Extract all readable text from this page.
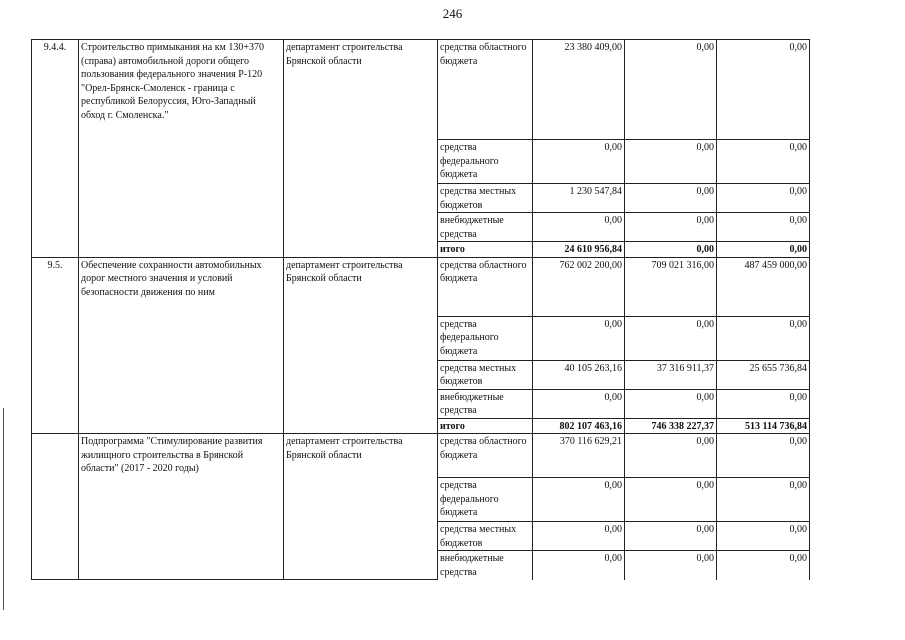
246
9.4.4.	Строительство примыкания на км 130+370 (справа) автомобильной дороги общего пользования федерального значения Р-120 "Орел-Брянск-Смоленск - граница с республикой Белоруссия, Юго-Западный обход г. Смоленска."	департамент строительства Брянской области	средства областного бюджета	23 380 409,00	0,00	0,00
			средства федерального бюджета	0,00	0,00	0,00
			средства местных бюджетов	1 230 547,84	0,00	0,00
			внебюджетные средства	0,00	0,00	0,00
			итого	24 610 956,84	0,00	0,00
9.5.	Обеспечение сохранности автомобильных дорог местного значения и условий безопасности движения по ним	департамент строительства Брянской области	средства областного бюджета	762 002 200,00	709 021 316,00	487 459 000,00
			средства федерального бюджета	0,00	0,00	0,00
			средства местных бюджетов	40 105 263,16	37 316 911,37	25 655 736,84
			внебюджетные средства	0,00	0,00	0,00
			итого	802 107 463,16	746 338 227,37	513 114 736,84
	Подпрограмма "Стимулирование развития жилищного строительства в Брянской области" (2017 - 2020 годы)	департамент строительства Брянской области	средства областного бюджета	370 116 629,21	0,00	0,00
			средства федерального бюджета	0,00	0,00	0,00
			средства местных бюджетов	0,00	0,00	0,00
			внебюджетные средства	0,00	0,00	0,00
